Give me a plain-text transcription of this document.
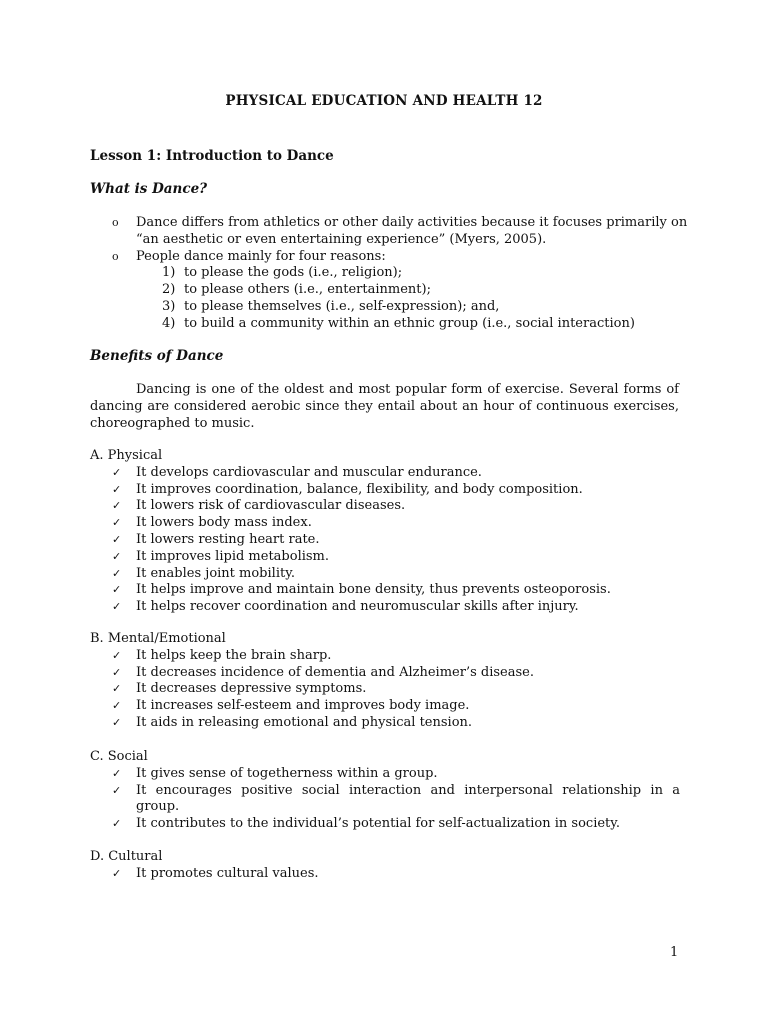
PHYSICAL EDUCATION AND HEALTH 12
Lesson 1: Introduction to Dance
What is Dance?
o Dance differs from athletics or other daily activities because it focuses primarily on “an aesthetic or even entertaining experience” (Myers, 2005).
o People dance mainly for four reasons:
1) to please the gods (i.e., religion);
2) to please others (i.e., entertainment);
3) to please themselves (i.e., self-expression); and,
4) to build a community within an ethnic group (i.e., social interaction)
Benefits of Dance
Dancing is one of the oldest and most popular form of exercise. Several forms of dancing are considered aerobic since they entail about an hour of continuous exercises, choreographed to music.
A. Physical
✓ It develops cardiovascular and muscular endurance.
✓ It improves coordination, balance, flexibility, and body composition.
✓ It lowers risk of cardiovascular diseases.
✓ It lowers body mass index.
✓ It lowers resting heart rate.
✓ It improves lipid metabolism.
✓ It enables joint mobility.
✓ It helps improve and maintain bone density, thus prevents osteoporosis.
✓ It helps recover coordination and neuromuscular skills after injury.
B. Mental/Emotional
✓ It helps keep the brain sharp.
✓ It decreases incidence of dementia and Alzheimer’s disease.
✓ It decreases depressive symptoms.
✓ It increases self-esteem and improves body image.
✓ It aids in releasing emotional and physical tension.
C. Social
✓ It gives sense of togetherness within a group.
✓ It encourages positive social interaction and interpersonal relationship in a group.
✓ It contributes to the individual’s potential for self-actualization in society.
D. Cultural
✓ It promotes cultural values.
1
